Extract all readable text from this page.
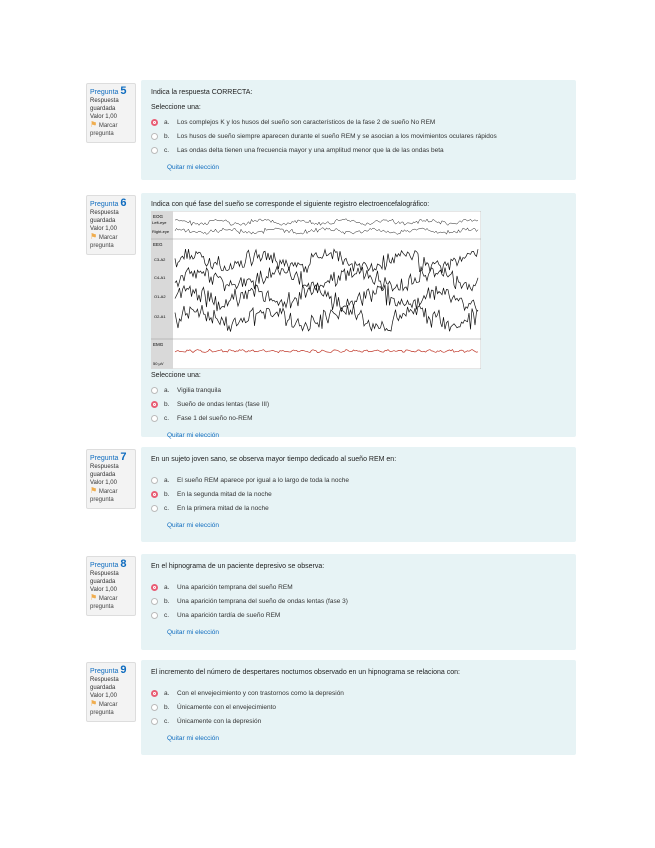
Pregunta 5
Respuesta guardada
Valor 1,00
⚑ Marcar pregunta
Indica la respuesta CORRECTA:
Seleccione una:
a.	Los complejos K y los husos del sueño son característicos de la fase 2 de sueño No REM
b.	Los husos de sueño siempre aparecen durante el sueño REM y se asocian a los movimientos oculares rápidos
c.	Las ondas delta tienen una frecuencia mayor y una amplitud menor que la de las ondas beta
Quitar mi elección
Pregunta 6
Respuesta guardada
Valor 1,00
⚑ Marcar pregunta
Indica con qué fase del sueño se corresponde el siguiente registro electroencefalográfico:
EOG
Left-eye
Right-eye
EEG
C3-A2
C4-A1
O1-A2
O2-A1
EMG
50 µV
Seleccione una:
a.	Vigilia tranquila
b.	Sueño de ondas lentas (fase III)
c.	Fase 1 del sueño no-REM
Quitar mi elección
Pregunta 7
Respuesta guardada
Valor 1,00
⚑ Marcar pregunta
En un sujeto joven sano, se observa mayor tiempo dedicado al sueño REM en:
a.	El sueño REM aparece por igual a lo largo de toda la noche
b.	En la segunda mitad de la noche
c.	En la primera mitad de la noche
Quitar mi elección
Pregunta 8
Respuesta guardada
Valor 1,00
⚑ Marcar pregunta
En el hipnograma de un paciente depresivo se observa:
a.	Una aparición temprana del sueño REM
b.	Una aparición temprana del sueño de ondas lentas (fase 3)
c.	Una aparición tardía de sueño REM
Quitar mi elección
Pregunta 9
Respuesta guardada
Valor 1,00
⚑ Marcar pregunta
El incremento del número de despertares nocturnos observado en un hipnograma se relaciona con:
a.	Con el envejecimiento y con trastornos como la depresión
b.	Únicamente con el envejecimiento
c.	Únicamente con la depresión
Quitar mi elección
